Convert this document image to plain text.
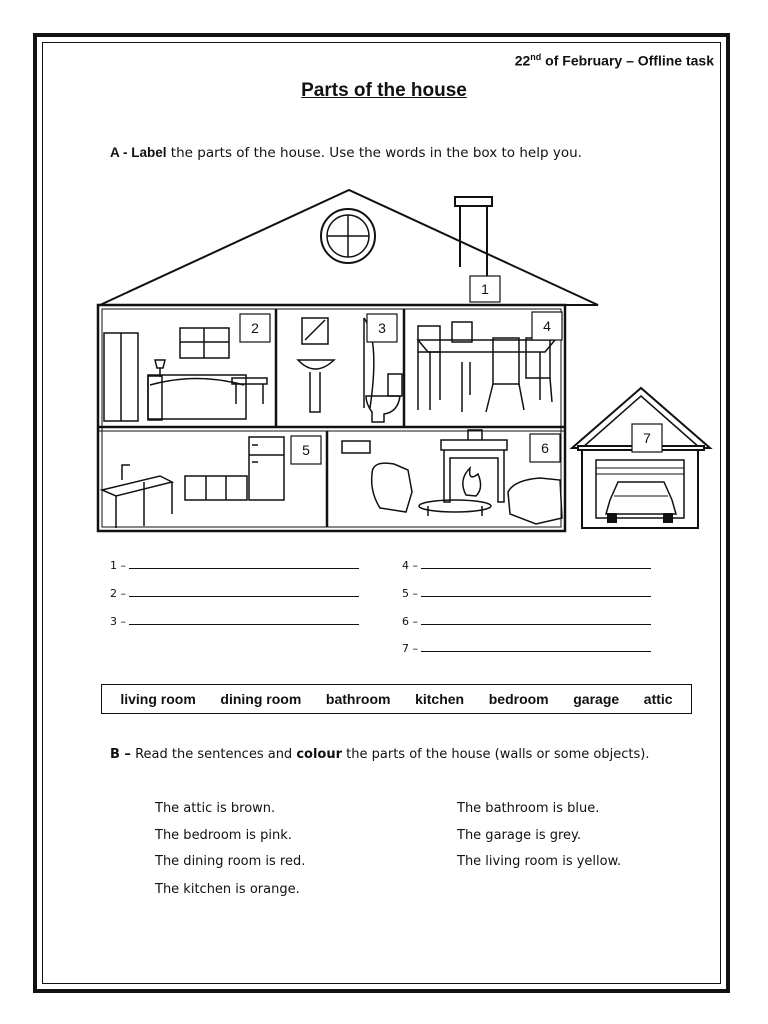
22nd of February – Offline task
Parts of the house
A - Label the parts of the house. Use the words in the box to help you.
1
2	3	4
5	6
7
1 –
2 –
3 –
4 –
5 –
6 –
7 –
living room dining room bathroom kitchen bedroom garage attic
B – Read the sentences and colour the parts of the house (walls or some objects).
The attic is brown.
The bedroom is pink.
The dining room is red.
The kitchen is orange.
The bathroom is blue.
The garage is grey.
The living room is yellow.
